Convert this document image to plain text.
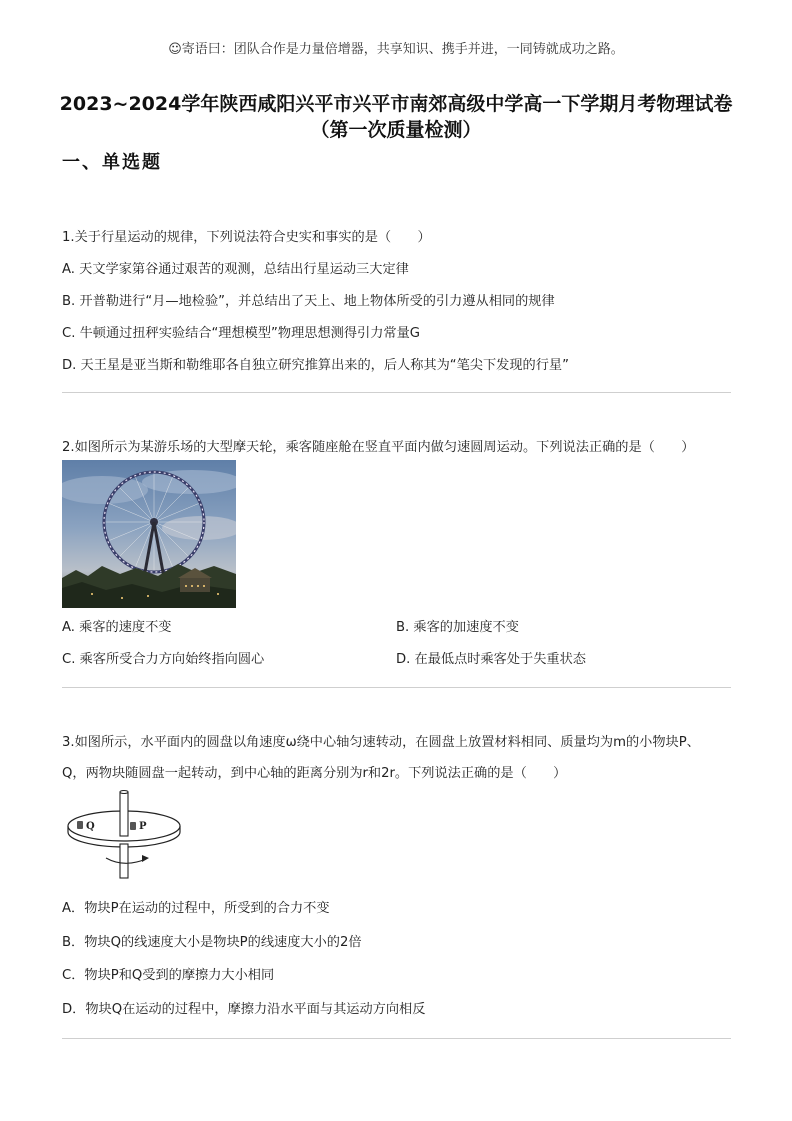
☺寄语曰：团队合作是力量倍增器，共享知识、携手并进，一同铸就成功之路。
2023~2024学年陕西咸阳兴平市兴平市南郊高级中学高一下学期月考物理试卷
（第一次质量检测）
一、单选题
1.关于行星运动的规律，下列说法符合史实和事实的是（　　）
A. 天文学家第谷通过艰苦的观测，总结出行星运动三大定律
B. 开普勒进行“月—地检验”，并总结出了天上、地上物体所受的引力遵从相同的规律
C. 牛顿通过扭秤实验结合“理想模型”物理思想测得引力常量G
D. 天王星是亚当斯和勒维耶各自独立研究推算出来的，后人称其为“笔尖下发现的行星”
2.如图所示为某游乐场的大型摩天轮，乘客随座舱在竖直平面内做匀速圆周运动。下列说法正确的是（　　）
A. 乘客的速度不变	B. 乘客的加速度不变
C. 乘客所受合力方向始终指向圆心	D. 在最低点时乘客处于失重状态
3.如图所示，水平面内的圆盘以角速度ω绕中心轴匀速转动，在圆盘上放置材料相同、质量均为m的小物块P、
Q，两物块随圆盘一起转动，到中心轴的距离分别为r和2r。下列说法正确的是（　　）
Q	P
A．物块P在运动的过程中，所受到的合力不变
B．物块Q的线速度大小是物块P的线速度大小的2倍
C．物块P和Q受到的摩擦力大小相同
D．物块Q在运动的过程中，摩擦力沿水平面与其运动方向相反
